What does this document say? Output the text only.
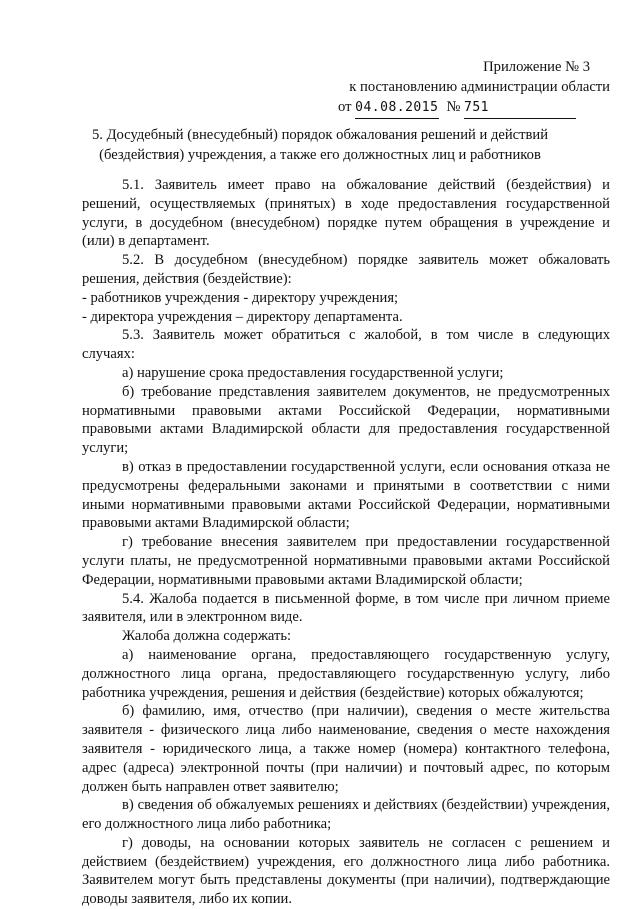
Приложение № 3
к постановлению администрации области
от 04.08.2015 № 751
5. Досудебный (внесудебный) порядок обжалования решений и действий
(бездействия) учреждения, а также его должностных лиц и работников

5.1. Заявитель имеет право на обжалование действий (бездействия) и решений, осуществляемых (принятых) в ходе предоставления государственной услуги, в досудебном (внесудебном) порядке путем обращения в учреждение и (или) в департамент.

5.2. В досудебном (внесудебном) порядке заявитель может обжаловать решения, действия (бездействие):

- работников учреждения - директору учреждения;

- директора учреждения – директору департамента.

5.3. Заявитель может обратиться с жалобой, в том числе в следующих случаях:

а) нарушение срока предоставления государственной услуги;

б) требование представления заявителем документов, не предусмотренных нормативными правовыми актами Российской Федерации, нормативными правовыми актами Владимирской области для предоставления государственной услуги;

в) отказ в предоставлении государственной услуги, если основания отказа не предусмотрены федеральными законами и принятыми в соответствии с ними иными нормативными правовыми актами Российской Федерации, нормативными правовыми актами Владимирской области;

г) требование внесения заявителем при предоставлении государственной услуги платы, не предусмотренной нормативными правовыми актами Российской Федерации, нормативными правовыми актами Владимирской области;

5.4. Жалоба подается в письменной форме, в том числе при личном приеме заявителя, или в электронном виде.

Жалоба должна содержать:

а) наименование органа, предоставляющего государственную услугу, должностного лица органа, предоставляющего государственную услугу, либо работника учреждения, решения и действия (бездействие) которых обжалуются;

б) фамилию, имя, отчество (при наличии), сведения о месте жительства заявителя - физического лица либо наименование, сведения о месте нахождения заявителя - юридического лица, а также номер (номера) контактного телефона, адрес (адреса) электронной почты (при наличии) и почтовый адрес, по которым должен быть направлен ответ заявителю;

в) сведения об обжалуемых решениях и действиях (бездействии) учреждения, его должностного лица либо работника;

г) доводы, на основании которых заявитель не согласен с решением и действием (бездействием) учреждения, его должностного лица либо работника. Заявителем могут быть представлены документы (при наличии), подтверждающие доводы заявителя, либо их копии.
